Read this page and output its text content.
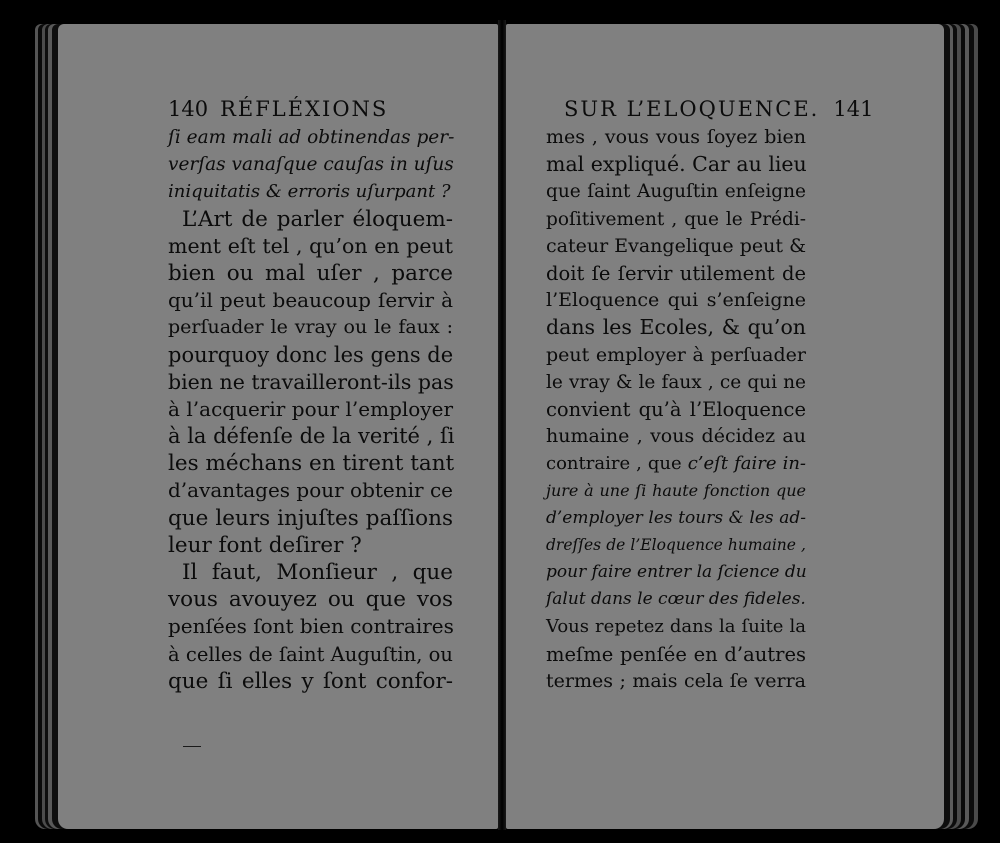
140 RÉFLÉXIONS
ſi eam mali ad obtinendas per-
verſas vanaſque cauſas in uſus
iniquitatis & erroris uſurpant ?
L’Art de parler éloquem-
ment eſt tel , qu’on en peut
bien ou mal uſer , parce
qu’il peut beaucoup ſervir à
perſuader le vray ou le faux :
pourquoy donc les gens de
bien ne travailleront-ils pas
à l’acquerir pour l’employer
à la défenſe de la verité , ſi
les méchans en tirent tant
d’avantages pour obtenir ce
que leurs injuſtes paſſions
leur font deſirer ?
Il faut, Monſieur , que
vous avouyez ou que vos
penſées ſont bien contraires
à celles de ſaint Auguſtin, ou
que ſi elles y ſont confor-
SUR L’ELOQUENCE. 141
mes , vous vous ſoyez bien
mal expliqué. Car au lieu
que ſaint Auguſtin enſeigne
poſitivement , que le Prédi-
cateur Evangelique peut &
doit ſe ſervir utilement de
l’Eloquence qui s’enſeigne
dans les Ecoles, & qu’on
peut employer à perſuader
le vray & le faux , ce qui ne
convient qu’à l’Eloquence
humaine , vous décidez au
contraire , que c’eſt faire in-
jure à une ſi haute fonction que
d’employer les tours & les ad-
dreſſes de l’Eloquence humaine ,
pour faire entrer la ſcience du
ſalut dans le cœur des fideles.
Vous repetez dans la ſuite la
meſme penſée en d’autres
termes ; mais cela ſe verra
